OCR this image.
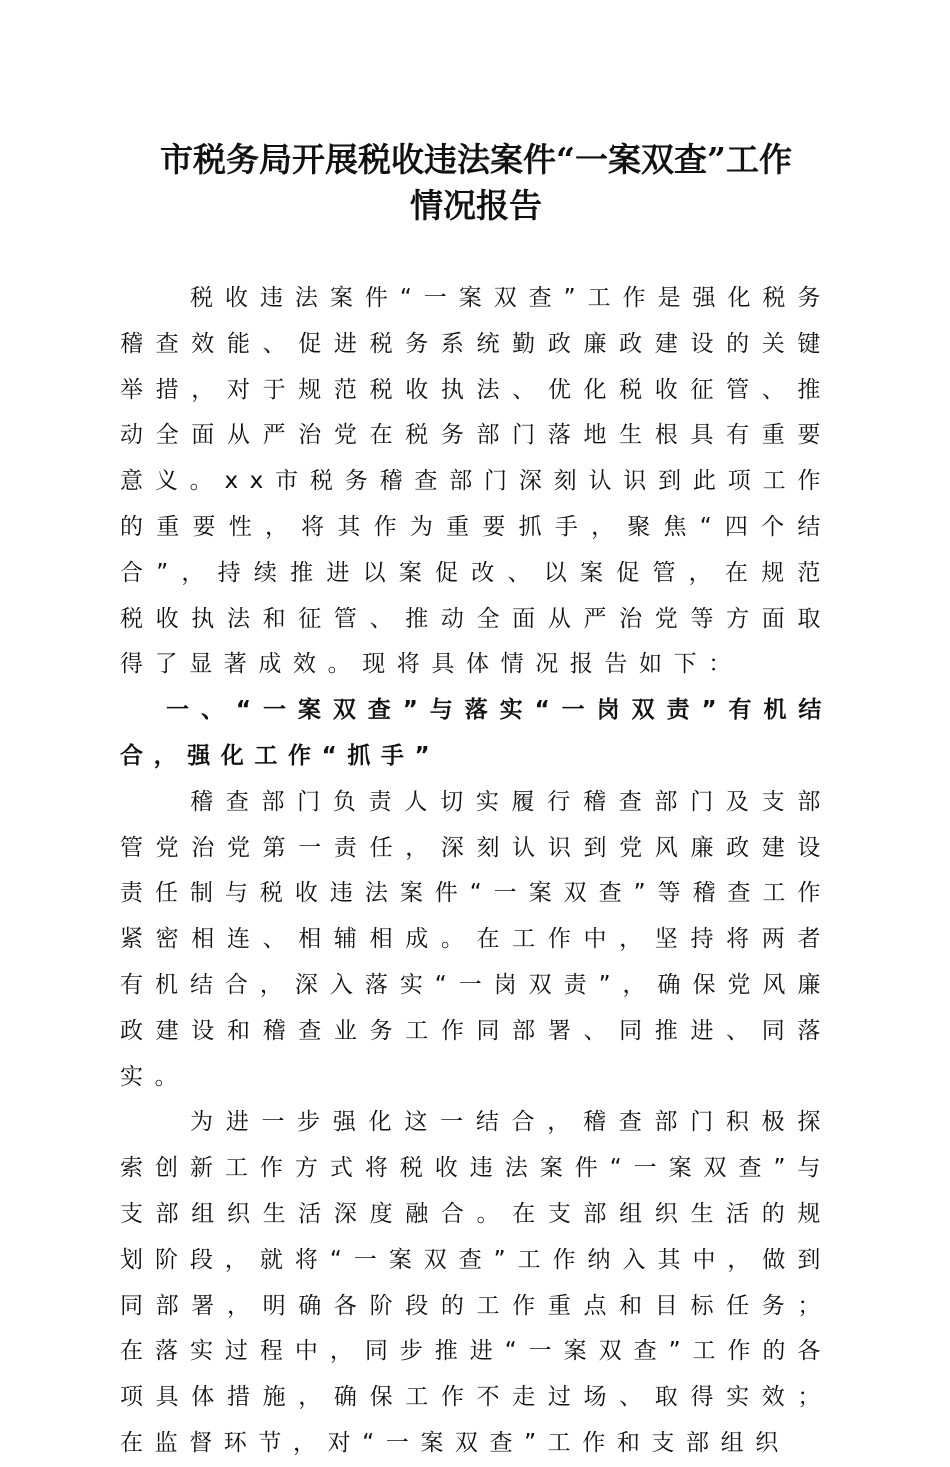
市税务局开展税收违法案件“一案双查”工作
情况报告

税收违法案件“一案双查”工作是强化税务稽查效能、促进税务系统勤政廉政建设的关键举措，对于规范税收执法、优化税收征管、推动全面从严治党在税务部门落地生根具有重要意义。xx市税务稽查部门深刻认识到此项工作的重要性，将其作为重要抓手，聚焦“四个结合”，持续推进以案促改、以案促管，在规范税收执法和征管、推动全面从严治党等方面取得了显著成效。现将具体情况报告如下：

一、“一案双查”与落实“一岗双责”有机结合，强化工作“抓手”

稽查部门负责人切实履行稽查部门及支部管党治党第一责任，深刻认识到党风廉政建设责任制与税收违法案件“一案双查”等稽查工作紧密相连、相辅相成。在工作中，坚持将两者有机结合，深入落实“一岗双责”，确保党风廉政建设和稽查业务工作同部署、同推进、同落实。

为进一步强化这一结合，稽查部门积极探索创新工作方式将税收违法案件“一案双查”与支部组织生活深度融合。在支部组织生活的规划阶段，就将“一案双查”工作纳入其中，做到同部署，明确各阶段的工作重点和目标任务；在落实过程中，同步推进“一案双查”工作的各项具体措施，确保工作不走过场、取得实效；在监督环节，对“一案双查”工作和支部组织
